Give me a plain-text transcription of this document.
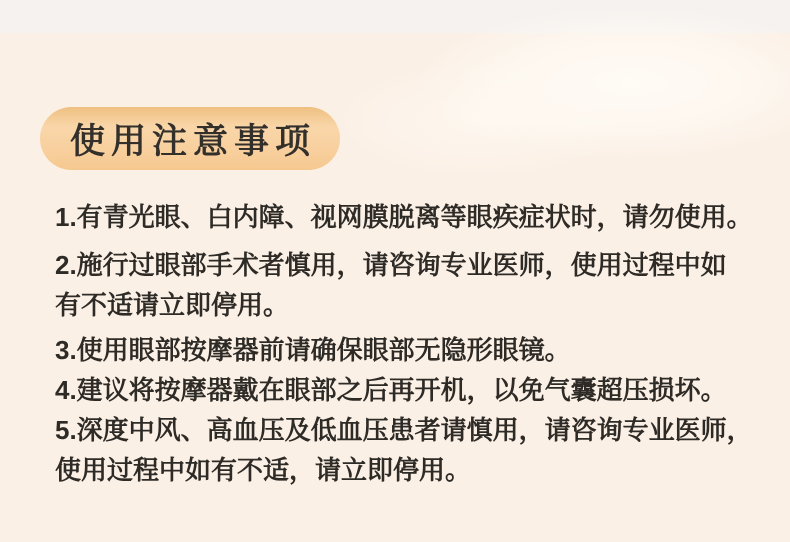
使用注意事项

1.有青光眼、白内障、视网膜脱离等眼疾症状时，请勿使用。

2.施行过眼部手术者慎用，请咨询专业医师，使用过程中如
有不适请立即停用。

3.使用眼部按摩器前请确保眼部无隐形眼镜。

4.建议将按摩器戴在眼部之后再开机，以免气囊超压损坏。

5.深度中风、高血压及低血压患者请慎用，请咨询专业医师，
使用过程中如有不适，请立即停用。
